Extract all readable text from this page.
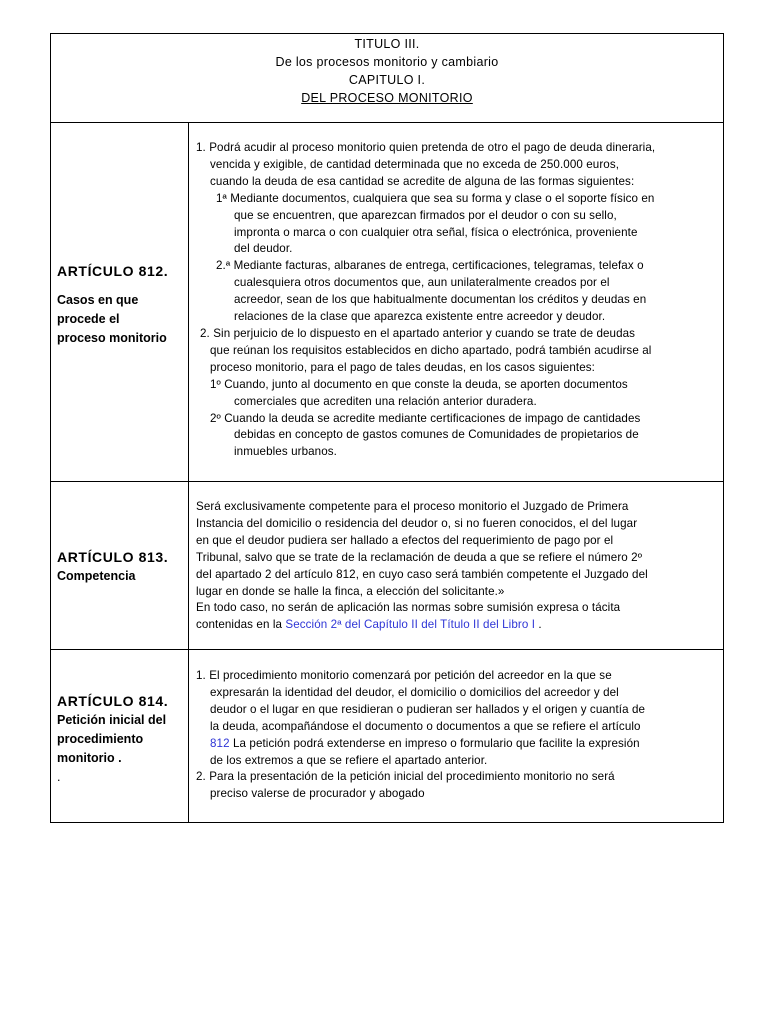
TITULO III.
De los procesos monitorio y cambiario
CAPITULO I.
DEL PROCESO MONITORIO
ARTÍCULO 812.
Casos en que
procede el
proceso monitorio
1. Podrá acudir al proceso monitorio quien pretenda de otro el pago de deuda dineraria,
vencida y exigible, de cantidad determinada que no exceda de 250.000 euros,
cuando la deuda de esa cantidad se acredite de alguna de las formas siguientes:
1ª Mediante documentos, cualquiera que sea su forma y clase o el soporte físico en
que se encuentren, que aparezcan firmados por el deudor o con su sello,
impronta o marca o con cualquier otra señal, física o electrónica, proveniente
del deudor.
2.ª Mediante facturas, albaranes de entrega, certificaciones, telegramas, telefax o
cualesquiera otros documentos que, aun unilateralmente creados por el
acreedor, sean de los que habitualmente documentan los créditos y deudas en
relaciones de la clase que aparezca existente entre acreedor y deudor.
2. Sin perjuicio de lo dispuesto en el apartado anterior y cuando se trate de deudas
que reúnan los requisitos establecidos en dicho apartado, podrá también acudirse al
proceso monitorio, para el pago de tales deudas, en los casos siguientes:
1º Cuando, junto al documento en que conste la deuda, se aporten documentos
comerciales que acrediten una relación anterior duradera.
2º Cuando la deuda se acredite mediante certificaciones de impago de cantidades
debidas en concepto de gastos comunes de Comunidades de propietarios de
inmuebles urbanos.
ARTÍCULO 813.
Competencia
Será exclusivamente competente para el proceso monitorio el Juzgado de Primera
Instancia del domicilio o residencia del deudor o, si no fueren conocidos, el del lugar
en que el deudor pudiera ser hallado a efectos del requerimiento de pago por el
Tribunal, salvo que se trate de la reclamación de deuda a que se refiere el número 2º
del apartado 2 del artículo 812, en cuyo caso será también competente el Juzgado del
lugar en donde se halle la finca, a elección del solicitante.»
En todo caso, no serán de aplicación las normas sobre sumisión expresa o tácita
contenidas en la Sección 2ª del Capítulo II del Título II del Libro I .
ARTÍCULO 814.
Petición inicial del
procedimiento
monitorio .
.
1. El procedimiento monitorio comenzará por petición del acreedor en la que se
expresarán la identidad del deudor, el domicilio o domicilios del acreedor y del
deudor o el lugar en que residieran o pudieran ser hallados y el origen y cuantía de
la deuda, acompañándose el documento o documentos a que se refiere el artículo
812 La petición podrá extenderse en impreso o formulario que facilite la expresión
de los extremos a que se refiere el apartado anterior.
2. Para la presentación de la petición inicial del procedimiento monitorio no será
preciso valerse de procurador y abogado
